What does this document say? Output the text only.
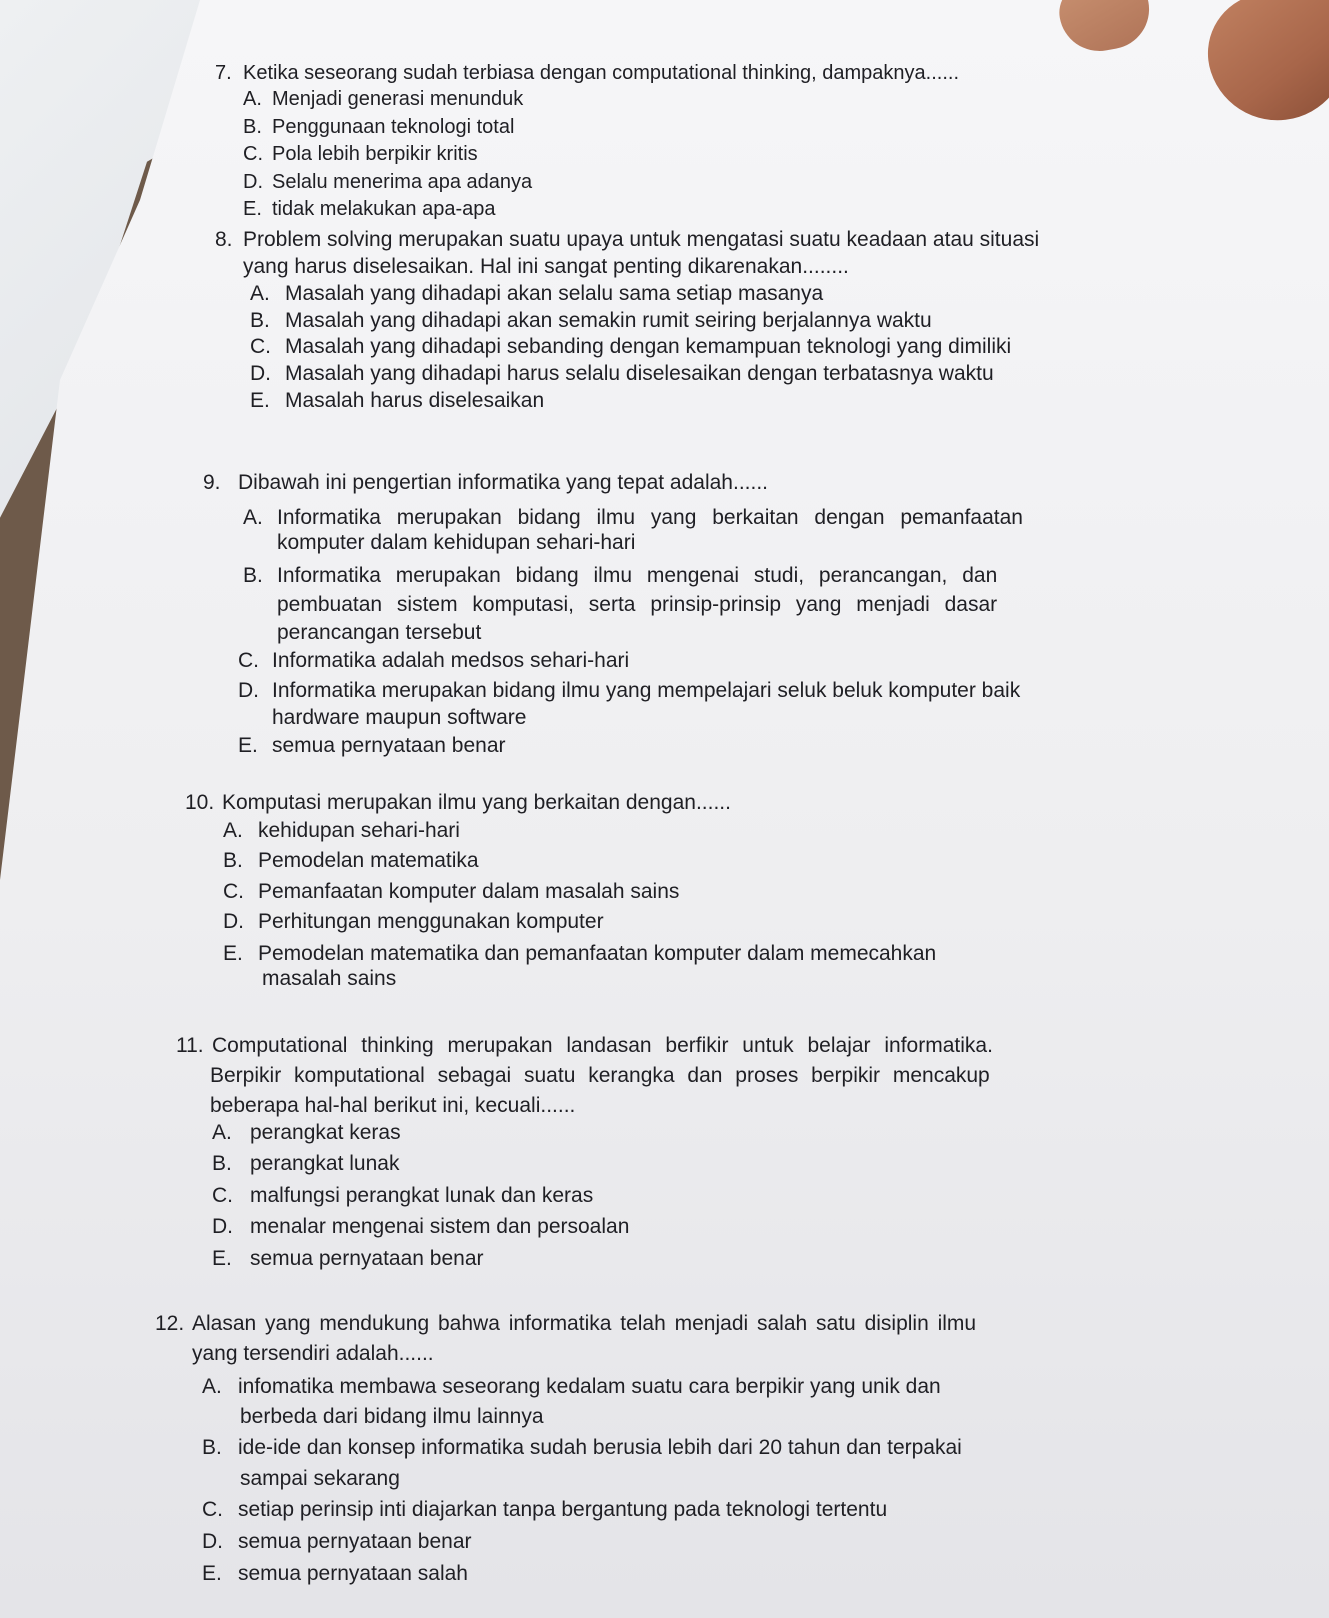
7. Ketika seseorang sudah terbiasa dengan computational thinking, dampaknya......
A. Menjadi generasi menunduk
B. Penggunaan teknologi total
C. Pola lebih berpikir kritis
D. Selalu menerima apa adanya
E. tidak melakukan apa-apa
8. Problem solving merupakan suatu upaya untuk mengatasi suatu keadaan atau situasi
yang harus diselesaikan. Hal ini sangat penting dikarenakan........
A. Masalah yang dihadapi akan selalu sama setiap masanya
B. Masalah yang dihadapi akan semakin rumit seiring berjalannya waktu
C. Masalah yang dihadapi sebanding dengan kemampuan teknologi yang dimiliki
D. Masalah yang dihadapi harus selalu diselesaikan dengan terbatasnya waktu
E. Masalah harus diselesaikan
9. Dibawah ini pengertian informatika yang tepat adalah......
A. Informatika merupakan bidang ilmu yang berkaitan dengan pemanfaatan
komputer dalam kehidupan sehari-hari
B. Informatika merupakan bidang ilmu mengenai studi, perancangan, dan
pembuatan sistem komputasi, serta prinsip-prinsip yang menjadi dasar
perancangan tersebut
C. Informatika adalah medsos sehari-hari
D. Informatika merupakan bidang ilmu yang mempelajari seluk beluk komputer baik
hardware maupun software
E. semua pernyataan benar
10. Komputasi merupakan ilmu yang berkaitan dengan......
A. kehidupan sehari-hari
B. Pemodelan matematika
C. Pemanfaatan komputer dalam masalah sains
D. Perhitungan menggunakan komputer
E. Pemodelan matematika dan pemanfaatan komputer dalam memecahkan
masalah sains
11. Computational thinking merupakan landasan berfikir untuk belajar informatika.
Berpikir komputational sebagai suatu kerangka dan proses berpikir mencakup
beberapa hal-hal berikut ini, kecuali......
A. perangkat keras
B. perangkat lunak
C. malfungsi perangkat lunak dan keras
D. menalar mengenai sistem dan persoalan
E. semua pernyataan benar
12. Alasan yang mendukung bahwa informatika telah menjadi salah satu disiplin ilmu
yang tersendiri adalah......
A. infomatika membawa seseorang kedalam suatu cara berpikir yang unik dan
berbeda dari bidang ilmu lainnya
B. ide-ide dan konsep informatika sudah berusia lebih dari 20 tahun dan terpakai
sampai sekarang
C. setiap perinsip inti diajarkan tanpa bergantung pada teknologi tertentu
D. semua pernyataan benar
E. semua pernyataan salah
